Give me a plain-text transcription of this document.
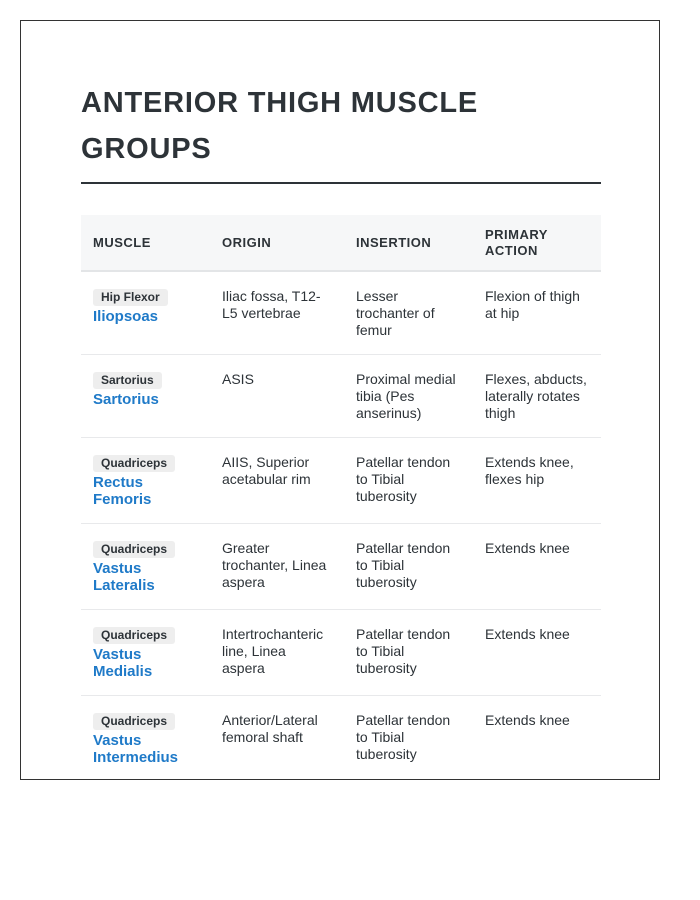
ANTERIOR THIGH MUSCLE GROUPS
MUSCLE	ORIGIN	INSERTION	PRIMARY ACTION
Hip Flexor
Iliopsoas	Iliac fossa, T12-L5 vertebrae	Lesser trochanter of femur	Flexion of thigh at hip
Sartorius
Sartorius	ASIS	Proximal medial tibia (Pes anserinus)	Flexes, abducts, laterally rotates thigh
Quadriceps
Rectus Femoris	AIIS, Superior acetabular rim	Patellar tendon to Tibial tuberosity	Extends knee, flexes hip
Quadriceps
Vastus Lateralis	Greater trochanter, Linea aspera	Patellar tendon to Tibial tuberosity	Extends knee
Quadriceps
Vastus Medialis	Intertrochanteric line, Linea aspera	Patellar tendon to Tibial tuberosity	Extends knee
Quadriceps
Vastus Intermedius	Anterior/Lateral femoral shaft	Patellar tendon to Tibial tuberosity	Extends knee
